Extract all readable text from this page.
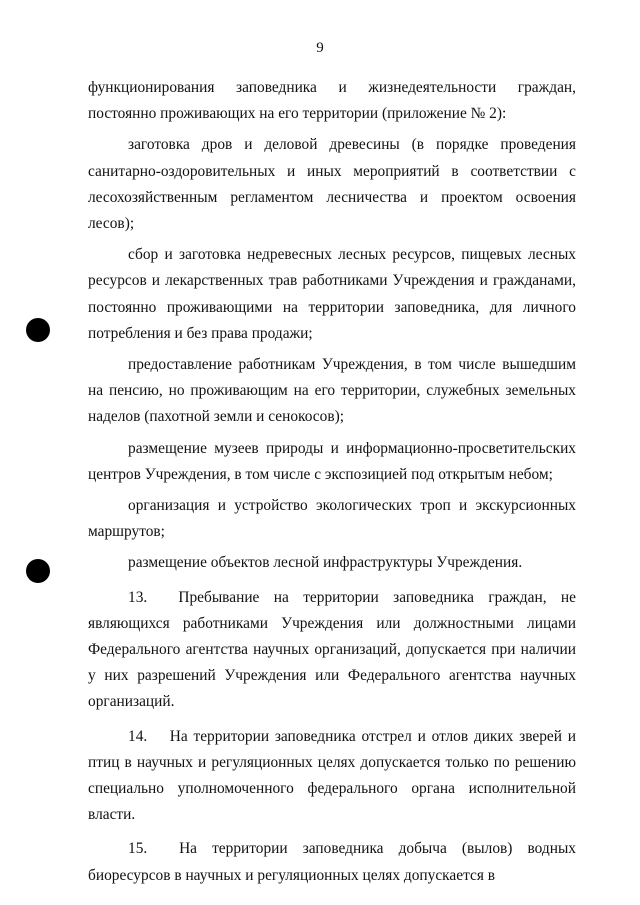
9

функционирования заповедника и жизнедеятельности граждан, постоянно проживающих на его территории (приложение № 2):

заготовка дров и деловой древесины (в порядке проведения санитарно-оздоровительных и иных мероприятий в соответствии с лесохозяйственным регламентом лесничества и проектом освоения лесов);

сбор и заготовка недревесных лесных ресурсов, пищевых лесных ресурсов и лекарственных трав работниками Учреждения и гражданами, постоянно проживающими на территории заповедника, для личного потребления и без права продажи;

предоставление работникам Учреждения, в том числе вышедшим на пенсию, но проживающим на его территории, служебных земельных наделов (пахотной земли и сенокосов);

размещение музеев природы и информационно-просветительских центров Учреждения, в том числе с экспозицией под открытым небом;

организация и устройство экологических троп и экскурсионных маршрутов;

размещение объектов лесной инфраструктуры Учреждения.

13. Пребывание на территории заповедника граждан, не являющихся работниками Учреждения или должностными лицами Федерального агентства научных организаций, допускается при наличии у них разрешений Учреждения или Федерального агентства научных организаций.

14. На территории заповедника отстрел и отлов диких зверей и птиц в научных и регуляционных целях допускается только по решению специально уполномоченного федерального органа исполнительной власти.

15. На территории заповедника добыча (вылов) водных биоресурсов в научных и регуляционных целях допускается в
